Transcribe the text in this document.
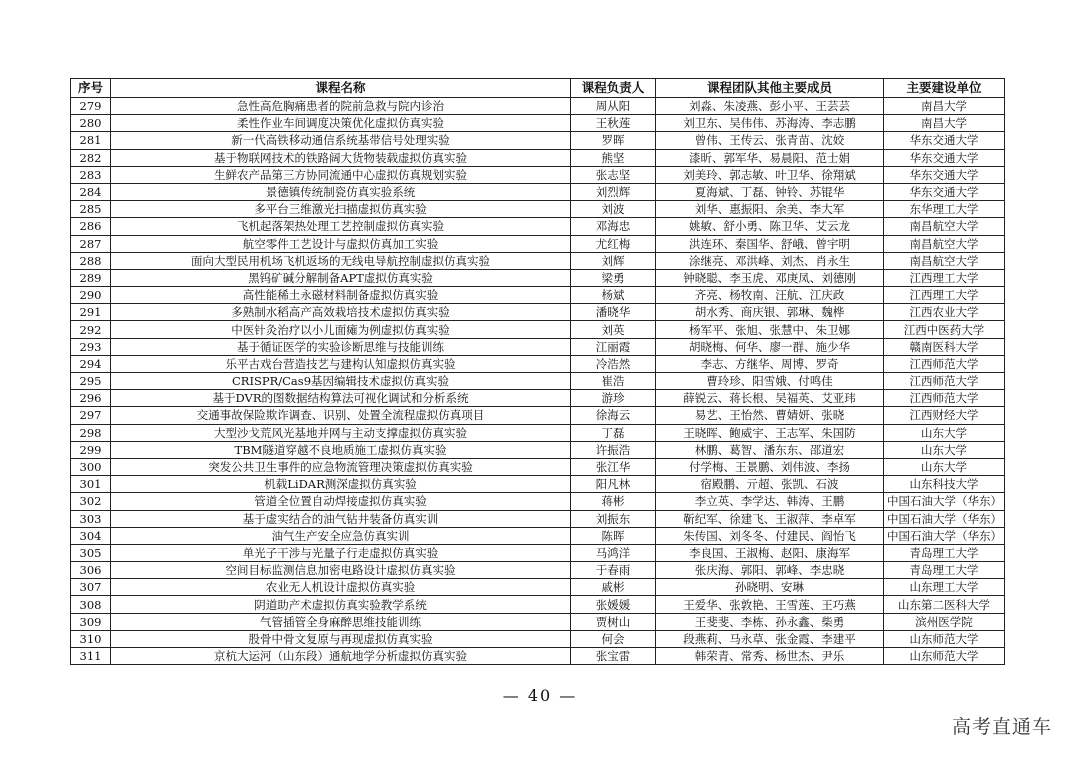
序号	课程名称	课程负责人	课程团队其他主要成员	主要建设单位
279	急性高危胸痛患者的院前急救与院内诊治	周从阳	刘淼、朱凌燕、彭小平、王芸芸	南昌大学
280	柔性作业车间调度决策优化虚拟仿真实验	王秋莲	刘卫东、吴伟伟、苏海涛、李志鹏	南昌大学
281	新一代高铁移动通信系统基带信号处理实验	罗晖	曾伟、王传云、张青苗、沈姣	华东交通大学
282	基于物联网技术的铁路阔大货物装载虚拟仿真实验	熊坚	漆昕、郭军华、易晨阳、范士娟	华东交通大学
283	生鲜农产品第三方协同流通中心虚拟仿真规划实验	张志坚	刘美玲、郭志敏、叶卫华、徐翔斌	华东交通大学
284	景德镇传统制瓷仿真实验系统	刘烈辉	夏海斌、丁磊、钟铃、苏锟华	华东交通大学
285	多平台三维激光扫描虚拟仿真实验	刘波	刘华、惠振阳、余美、李大军	东华理工大学
286	飞机起落架热处理工艺控制虚拟仿真实验	邓海忠	姚敏、舒小勇、陈卫华、艾云龙	南昌航空大学
287	航空零件工艺设计与虚拟仿真加工实验	尤红梅	洪连环、秦国华、舒峨、曾宇明	南昌航空大学
288	面向大型民用机场飞机返场的无线电导航控制虚拟仿真实验	刘辉	涂继亮、邓洪峰、刘杰、肖永生	南昌航空大学
289	黑钨矿碱分解制备APT虚拟仿真实验	梁勇	钟晓聪、李玉虎、邓庚凤、刘德刚	江西理工大学
290	高性能稀土永磁材料制备虚拟仿真实验	杨斌	齐亮、杨牧南、汪航、江庆政	江西理工大学
291	多熟制水稻高产高效栽培技术虚拟仿真实验	潘晓华	胡水秀、商庆银、郭琳、魏桦	江西农业大学
292	中医针灸治疗以小儿面瘫为例虚拟仿真实验	刘英	杨军平、张旭、张慧中、朱卫娜	江西中医药大学
293	基于循证医学的实验诊断思维与技能训练	江丽霞	胡晓梅、何华、廖一群、施少华	赣南医科大学
294	乐平古戏台营造技艺与建构认知虚拟仿真实验	冷浩然	李志、方继华、周博、罗奇	江西师范大学
295	CRISPR/Cas9基因编辑技术虚拟仿真实验	崔浩	曹玲珍、阳雪娥、付鸣佳	江西师范大学
296	基于DVR的图数据结构算法可视化调试和分析系统	游珍	薛锐云、蒋长根、吴福英、艾亚玮	江西师范大学
297	交通事故保险欺诈调查、识别、处置全流程虚拟仿真项目	徐海云	易艺、王怡然、曹婧妍、张晓	江西财经大学
298	大型沙戈荒风光基地并网与主动支撑虚拟仿真实验	丁磊	王晓晖、鲍威宇、王志军、朱国防	山东大学
299	TBM隧道穿越不良地质施工虚拟仿真实验	许振浩	林鹏、葛智、潘东东、邵道宏	山东大学
300	突发公共卫生事件的应急物流管理决策虚拟仿真实验	张江华	付学梅、王景鹏、刘伟波、李扬	山东大学
301	机载LiDAR测深虚拟仿真实验	阳凡林	宿殿鹏、亓超、张凯、石波	山东科技大学
302	管道全位置自动焊接虚拟仿真实验	蒋彬	李立英、李学达、韩涛、王鹏	中国石油大学（华东）
303	基于虚实结合的油气钻井装备仿真实训	刘振东	靳纪军、徐建飞、王淑萍、李卓军	中国石油大学（华东）
304	油气生产安全应急仿真实训	陈晖	朱传国、刘冬冬、付建民、阎怡飞	中国石油大学（华东）
305	单光子干涉与光量子行走虚拟仿真实验	马鸿洋	李良国、王淑梅、赵阳、康海军	青岛理工大学
306	空间目标监测信息加密电路设计虚拟仿真实验	于春雨	张庆海、郭阳、郭峰、李忠晓	青岛理工大学
307	农业无人机设计虚拟仿真实验	戚彬	孙晓明、安琳	山东理工大学
308	阴道助产术虚拟仿真实验教学系统	张媛媛	王爱华、张敦艳、王雪莲、王巧燕	山东第二医科大学
309	气管插管全身麻醉思维技能训练	贾树山	王斐斐、李栋、孙永鑫、柴勇	滨州医学院
310	股骨中骨文复原与再现虚拟仿真实验	何会	段燕莉、马永草、张金霞、李建平	山东师范大学
311	京杭大运河（山东段）通航地学分析虚拟仿真实验	张宝雷	韩荣青、常秀、杨世杰、尹乐	山东师范大学
— 40 —
高考直通车
